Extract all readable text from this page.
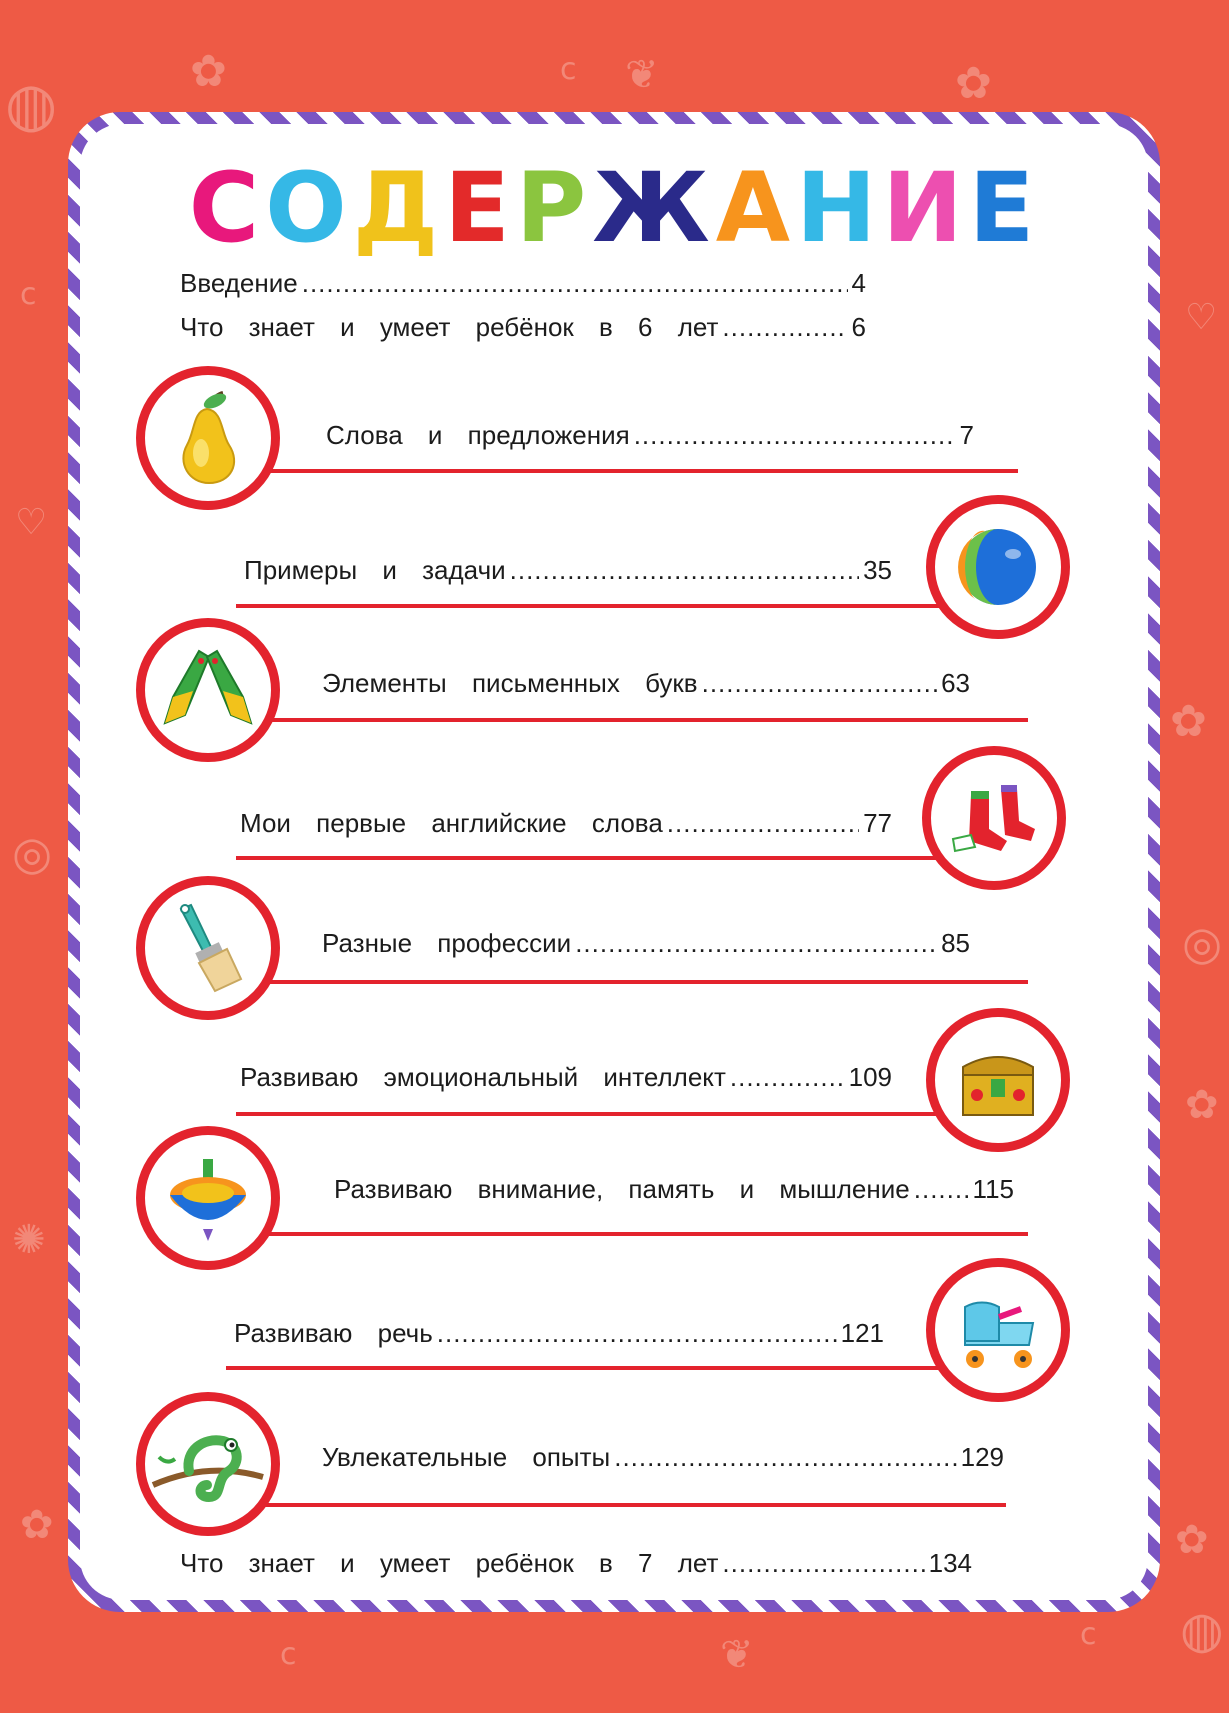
✿	✿
✿
✿
✿
✿
♡
♡
◎
◎
◍
◍
c
c
c
c
❦
❦
✺
СОДЕРЖАНИЕ
Введение .....	4
Что знает и умеет ребёнок в 6 лет .....	6
Слова и предложения .....	7
Примеры и задачи .....	35
Элементы письменных букв .....	63
Мои первые английские слова .....	77
Разные профессии .....	85
Развиваю эмоциональный интеллект .....	109
Развиваю внимание, память и мышление ..... 115
Развиваю речь .....	121
Увлекательные опыты .....	129
Что знает и умеет ребёнок в 7 лет .....	134
